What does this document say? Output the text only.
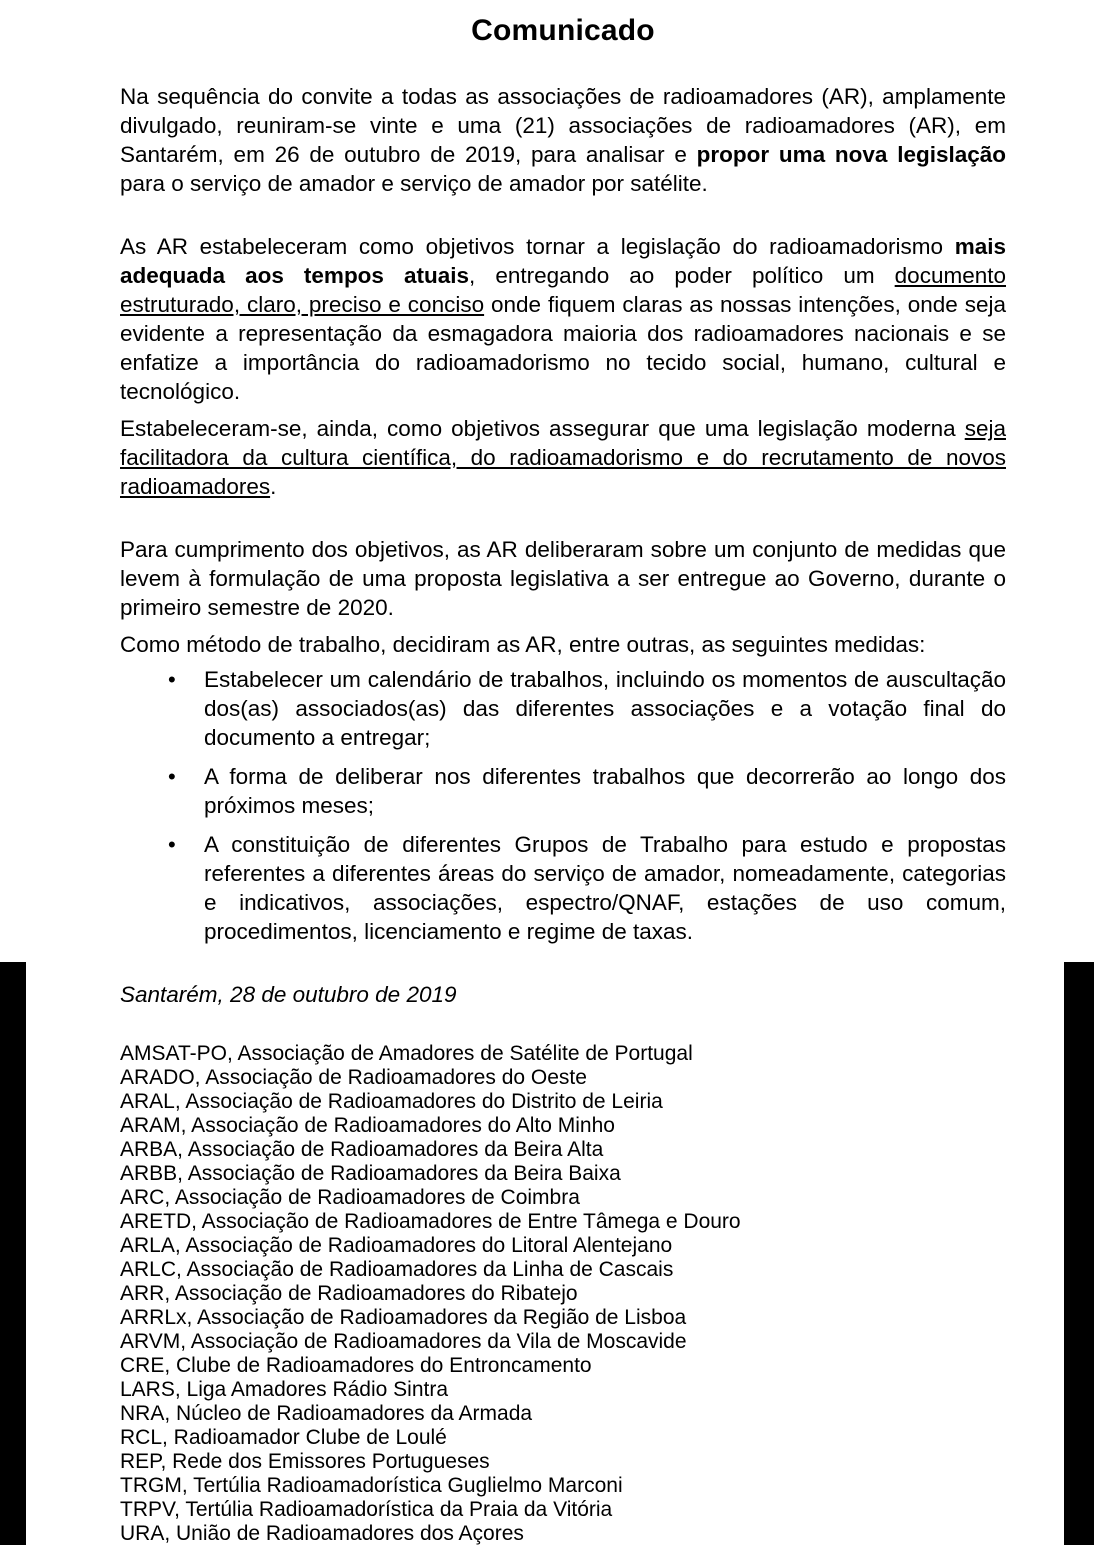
Comunicado

Na sequência do convite a todas as associações de radioamadores (AR), amplamente divulgado, reuniram-se vinte e uma (21) associações de radioamadores (AR), em Santarém, em 26 de outubro de 2019, para analisar e propor uma nova legislação para o serviço de amador e serviço de amador por satélite.

As AR estabeleceram como objetivos tornar a legislação do radioamadorismo mais adequada aos tempos atuais, entregando ao poder político um documento estruturado, claro, preciso e conciso onde fiquem claras as nossas intenções, onde seja evidente a representação da esmagadora maioria dos radioamadores nacionais e se enfatize a importância do radioamadorismo no tecido social, humano, cultural e tecnológico.

Estabeleceram-se, ainda, como objetivos assegurar que uma legislação moderna seja facilitadora da cultura científica, do radioamadorismo e do recrutamento de novos radioamadores.

Para cumprimento dos objetivos, as AR deliberaram sobre um conjunto de medidas que levem à formulação de uma proposta legislativa a ser entregue ao Governo, durante o primeiro semestre de 2020.

Como método de trabalho, decidiram as AR, entre outras, as seguintes medidas:

• Estabelecer um calendário de trabalhos, incluindo os momentos de auscultação dos(as) associados(as) das diferentes associações e a votação final do documento a entregar;
• A forma de deliberar nos diferentes trabalhos que decorrerão ao longo dos próximos meses;
• A constituição de diferentes Grupos de Trabalho para estudo e propostas referentes a diferentes áreas do serviço de amador, nomeadamente, categorias e indicativos, associações, espectro/QNAF, estações de uso comum, procedimentos, licenciamento e regime de taxas.

Santarém, 28 de outubro de 2019

AMSAT-PO, Associação de Amadores de Satélite de Portugal
ARADO, Associação de Radioamadores do Oeste
ARAL, Associação de Radioamadores do Distrito de Leiria
ARAM, Associação de Radioamadores do Alto Minho
ARBA, Associação de Radioamadores da Beira Alta
ARBB, Associação de Radioamadores da Beira Baixa
ARC, Associação de Radioamadores de Coimbra
ARETD, Associação de Radioamadores de Entre Tâmega e Douro
ARLA, Associação de Radioamadores do Litoral Alentejano
ARLC, Associação de Radioamadores da Linha de Cascais
ARR, Associação de Radioamadores do Ribatejo
ARRLx, Associação de Radioamadores da Região de Lisboa
ARVM, Associação de Radioamadores da Vila de Moscavide
CRE, Clube de Radioamadores do Entroncamento
LARS, Liga Amadores Rádio Sintra
NRA, Núcleo de Radioamadores da Armada
RCL, Radioamador Clube de Loulé
REP, Rede dos Emissores Portugueses
TRGM, Tertúlia Radioamadorística Guglielmo Marconi
TRPV, Tertúlia Radioamadorística da Praia da Vitória
URA, União de Radioamadores dos Açores
